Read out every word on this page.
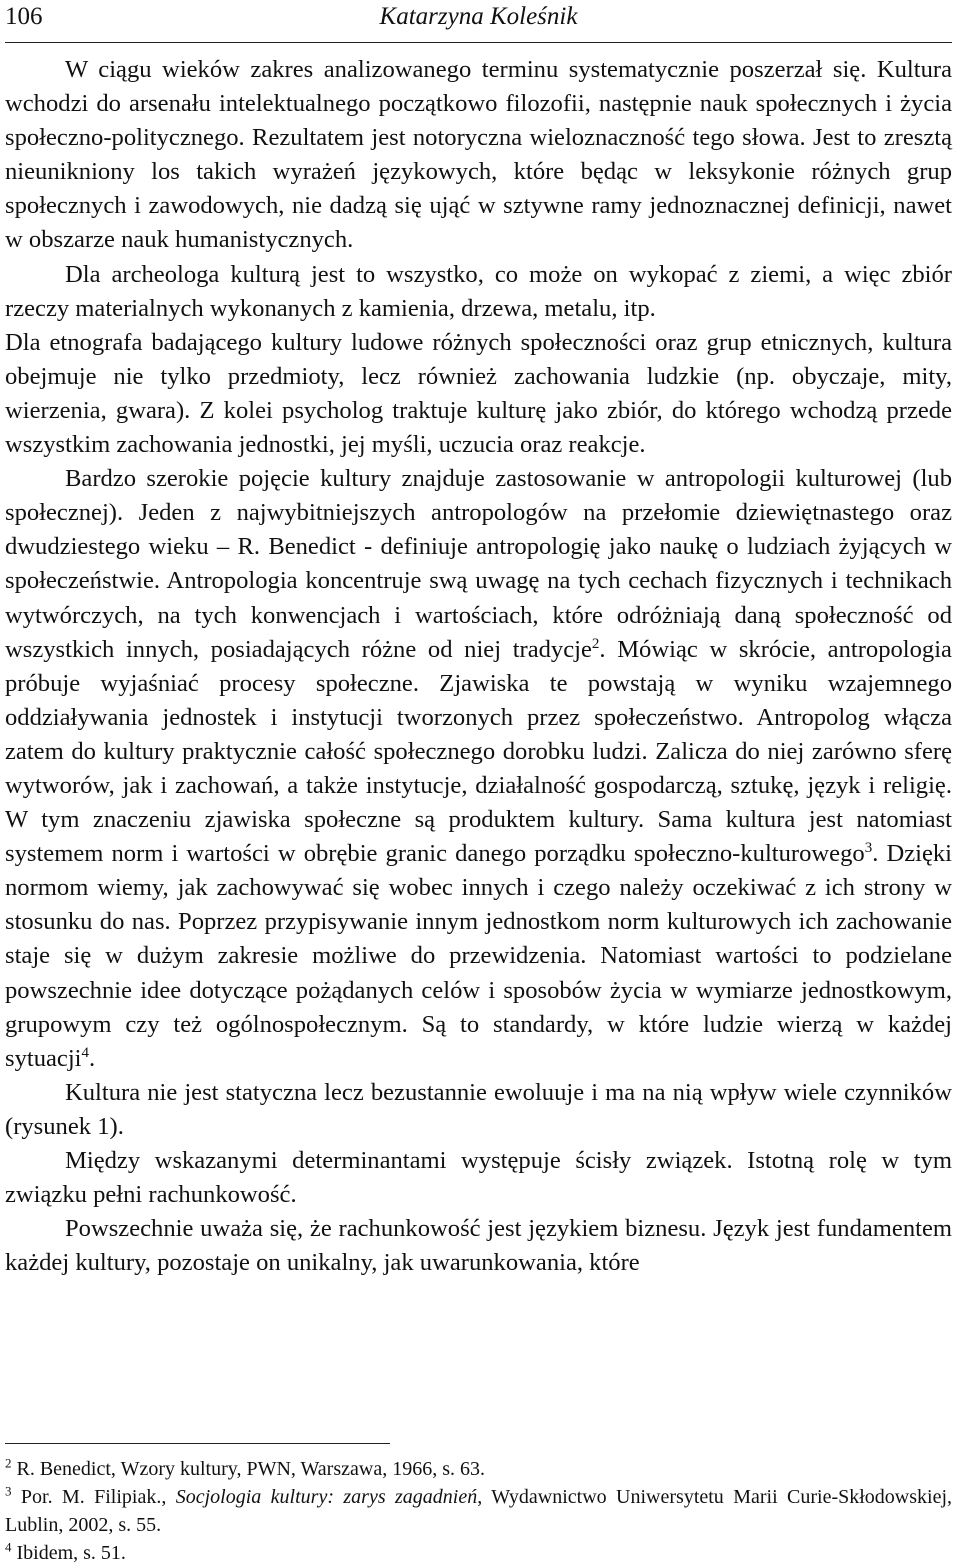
106	Katarzyna Koleśnik

W ciągu wieków zakres analizowanego terminu systematycznie poszerzał się. Kultura wchodzi do arsenału intelektualnego początkowo filozofii, następnie nauk społecznych i życia społeczno-politycznego. Rezultatem jest notoryczna wieloznaczność tego słowa. Jest to zresztą nieunikniony los takich wyrażeń językowych, które będąc w leksykonie różnych grup społecznych i zawodowych, nie dadzą się ująć w sztywne ramy jednoznacznej definicji, nawet w obszarze nauk humanistycznych.

Dla archeologa kulturą jest to wszystko, co może on wykopać z ziemi, a więc zbiór rzeczy materialnych wykonanych z kamienia, drzewa, metalu, itp.

Dla etnografa badającego kultury ludowe różnych społeczności oraz grup etnicznych, kultura obejmuje nie tylko przedmioty, lecz również zachowania ludzkie (np. obyczaje, mity, wierzenia, gwara). Z kolei psycholog traktuje kulturę jako zbiór, do którego wchodzą przede wszystkim zachowania jednostki, jej myśli, uczucia oraz reakcje.

Bardzo szerokie pojęcie kultury znajduje zastosowanie w antropologii kulturowej (lub społecznej). Jeden z najwybitniejszych antropologów na przełomie dziewiętnastego oraz dwudziestego wieku – R. Benedict - definiuje antropologię jako naukę o ludziach żyjących w społeczeństwie. Antropologia koncentruje swą uwagę na tych cechach fizycznych i technikach wytwórczych, na tych konwencjach i wartościach, które odróżniają daną społeczność od wszystkich innych, posiadających różne od niej tradycje$^2$. Mówiąc w skrócie, antropologia próbuje wyjaśniać procesy społeczne. Zjawiska te powstają w wyniku wzajemnego oddziaływania jednostek i instytucji tworzonych przez społeczeństwo. Antropolog włącza zatem do kultury praktycznie całość społecznego dorobku ludzi. Zalicza do niej zarówno sferę wytworów, jak i zachowań, a także instytucje, działalność gospodarczą, sztukę, język i religię. W tym znaczeniu zjawiska społeczne są produktem kultury. Sama kultura jest natomiast systemem norm i wartości w obrębie granic danego porządku społeczno-kulturowego$^3$. Dzięki normom wiemy, jak zachowywać się wobec innych i czego należy oczekiwać z ich strony w stosunku do nas. Poprzez przypisywanie innym jednostkom norm kulturowych ich zachowanie staje się w dużym zakresie możliwe do przewidzenia. Natomiast wartości to podzielane powszechnie idee dotyczące pożądanych celów i sposobów życia w wymiarze jednostkowym, grupowym czy też ogólnospołecznym. Są to standardy, w które ludzie wierzą w każdej sytuacji$^4$.

Kultura nie jest statyczna lecz bezustannie ewoluuje i ma na nią wpływ wiele czynników (rysunek 1).

Między wskazanymi determinantami występuje ścisły związek. Istotną rolę w tym związku pełni rachunkowość.

Powszechnie uważa się, że rachunkowość jest językiem biznesu. Język jest fundamentem każdej kultury, pozostaje on unikalny, jak uwarunkowania, które

$^2$ R. Benedict, Wzory kultury, PWN, Warszawa, 1966, s. 63.

$^3$ Por. M. Filipiak., Socjologia kultury: zarys zagadnień, Wydawnictwo Uniwersytetu Marii Curie-Skłodowskiej, Lublin, 2002, s. 55.

$^4$ Ibidem, s. 51.
